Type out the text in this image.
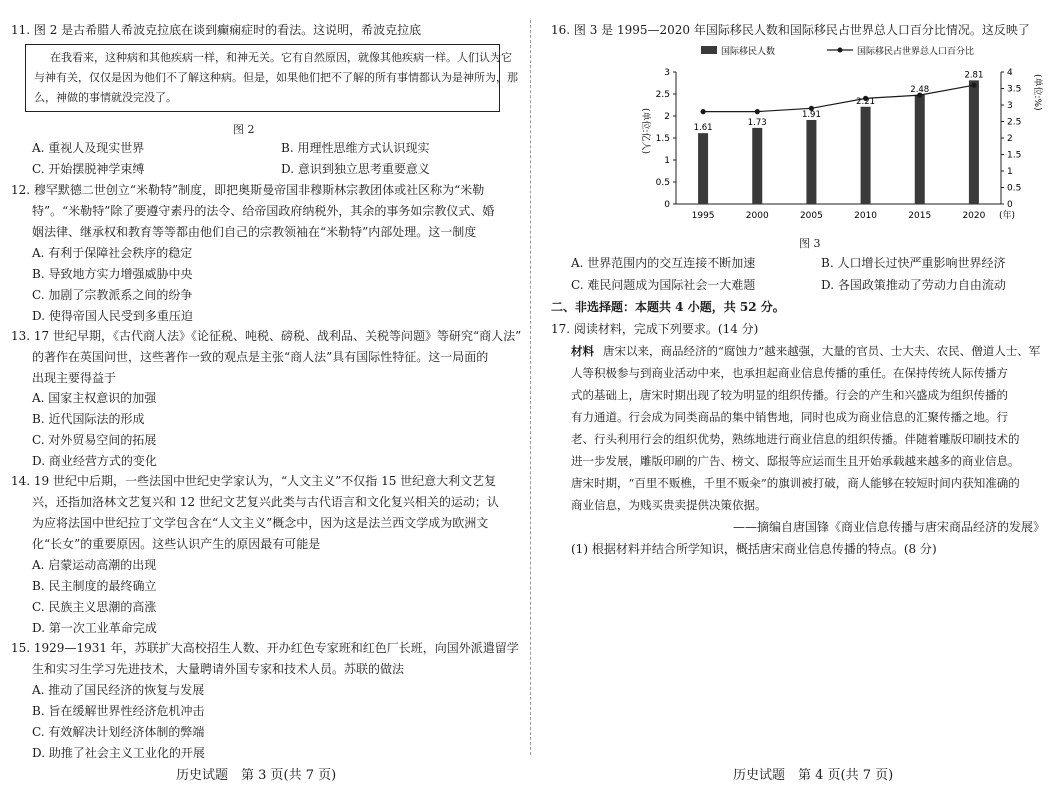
11. 图 2 是古希腊人希波克拉底在谈到癫痫症时的看法。这说明，希波克拉底
在我看来，这种病和其他疾病一样，和神无关。它有自然原因，就像其他疾病一样。人们认为它
与神有关，仅仅是因为他们不了解这种病。但是，如果他们把不了解的所有事情都认为是神所为，那
么，神做的事情就没完没了。
图 2
A. 重视人及现实世界	B. 用理性思维方式认识现实
C. 开始摆脱神学束缚	D. 意识到独立思考重要意义
12. 穆罕默德二世创立“米勒特”制度，即把奥斯曼帝国非穆斯林宗教团体或社区称为“米勒
特”。“米勒特”除了要遵守素丹的法令、给帝国政府纳税外，其余的事务如宗教仪式、婚
姻法律、继承权和教育等等都由他们自己的宗教领袖在“米勒特”内部处理。这一制度
A. 有利于保障社会秩序的稳定
B. 导致地方实力增强威胁中央
C. 加剧了宗教派系之间的纷争
D. 使得帝国人民受到多重压迫
13. 17 世纪早期，《古代商人法》《论征税、吨税、磅税、战利品、关税等问题》等研究“商人法”
的著作在英国问世，这些著作一致的观点是主张“商人法”具有国际性特征。这一局面的
出现主要得益于
A. 国家主权意识的加强
B. 近代国际法的形成
C. 对外贸易空间的拓展
D. 商业经营方式的变化
14. 19 世纪中后期，一些法国中世纪史学家认为，“人文主义”不仅指 15 世纪意大利文艺复
兴，还指加洛林文艺复兴和 12 世纪文艺复兴此类与古代语言和文化复兴相关的运动；认
为应将法国中世纪拉丁文学包含在“人文主义”概念中，因为这是法兰西文学成为欧洲文
化“长女”的重要原因。这些认识产生的原因最有可能是
A. 启蒙运动高潮的出现
B. 民主制度的最终确立
C. 民族主义思潮的高涨
D. 第一次工业革命完成
15. 1929—1931 年，苏联扩大高校招生人数、开办红色专家班和红色厂长班，向国外派遣留学
生和实习生学习先进技术，大量聘请外国专家和技术人员。苏联的做法
A. 推动了国民经济的恢复与发展
B. 旨在缓解世界性经济危机冲击
C. 有效解决计划经济体制的弊端
D. 助推了社会主义工业化的开展
历史试题　第 3 页(共 7 页)
16. 图 3 是 1995—2020 年国际移民人数和国际移民占世界总人口百分比情况。这反映了
国际移民人数	国际移民占世界总人口百分比
(单位:亿人)
(单位:%)
0
0.5
1
1.5
2
2.5
3
0
0.5
1
1.5
2
2.5
3
3.5
4
1995	2000	2005	2010	2015	2020 (年)
1.61
1.73
1.91
2.21
2.48
2.81
图 3
A. 世界范围内的交互连接不断加速	B. 人口增长过快严重影响世界经济
C. 难民问题成为国际社会一大难题	D. 各国政策推动了劳动力自由流动
二、非选择题：本题共 4 小题，共 52 分。
17. 阅读材料，完成下列要求。(14 分)
材料 唐宋以来，商品经济的“腐蚀力”越来越强，大量的官员、士大夫、农民、僧道人士、军
人等积极参与到商业活动中来，也承担起商业信息传播的重任。在保持传统人际传播方
式的基础上，唐宋时期出现了较为明显的组织传播。行会的产生和兴盛成为组织传播的
有力通道。行会成为同类商品的集中销售地，同时也成为商业信息的汇聚传播之地。行
老、行头利用行会的组织优势，熟练地进行商业信息的组织传播。伴随着雕版印刷技术的
进一步发展，雕版印刷的广告、榜文、邸报等应运而生且开始承载越来越多的商业信息。
唐宋时期，“百里不贩樵，千里不贩籴”的旗训被打破，商人能够在较短时间内获知准确的
商业信息，为贱买贵卖提供决策依据。
——摘编自唐国锋《商业信息传播与唐宋商品经济的发展》
(1) 根据材料并结合所学知识，概括唐宋商业信息传播的特点。(8 分)
历史试题　第 4 页(共 7 页)
